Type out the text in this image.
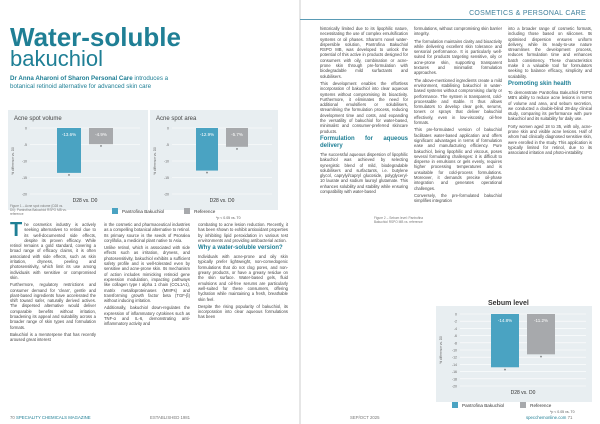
Water-soluble
bakuchiol
Dr Anna Aharoni of Sharon Personal Care introduces a botanical retinoid alternative for advanced skin care
Acne spot volume
0
-5
-10
-15
-20
% difference vs. D0
-13.6%
*
-4.9%
*
D28 vs. D0
Acne spot area
0
-5
-10
-15
-20
% difference vs. D0
-12.9%
*
-5.7%
*
D28 vs. D0
Figure 1 – Acne spot volume (D28 vs. D0): Pantrofina Bakuchiol RSPO MB vs. reference
Pantrofina Bakuchiol	Reference
*p < 0.05 vs. T0

The cosmetics industry is actively seeking alternatives to retinol due to its well-documented side effects, despite its proven efficacy. While retinol remains a gold standard, covering a broad range of efficacy claims, it is often associated with side effects, such as skin irritation, dryness, peeling and photosensitivity, which limit its use among individuals with sensitive or compromised skin.

Furthermore, regulatory restrictions and consumer demand for 'clean', gentle and plant-based ingredients have accelerated the shift toward safer, naturally derived actives. The dispersed alternative would deliver comparable benefits without irritation, broadening its appeal and suitability across a broader range of skin types and formulation formats.

Bakuchiol is a meroterpene that has recently aroused great interest

in the cosmetic and pharmaceutical industries as a compelling botanical alternative to retinol. Its primary source is the seeds of Psoralea corylifolia, a medicinal plant native to Asia.

Unlike retinol, which is associated with side effects such as irritation, dryness, and photosensitivity, bakuchiol exhibits a sufficient safety profile and is well-tolerated even by sensitive and acne-prone skin. Its mechanism of action includes mimicking retinoid gene expression modulation, impacting pathways like collagen type I alpha 1 chain (COL1A1), matrix metalloproteinases (MMPs) and transforming growth factor beta (TGF-β) without inducing irritation.

Additionally, bakuchiol down-regulates the expression of inflammatory cytokines such as TNF-α and IL-6, demonstrating anti-inflammatory activity and

combating to acne lesion reduction. Recently, it has been shown to exhibit antioxidant properties by inhibiting lipid peroxidation in various test environments and providing antibacterial action.

Why a water-soluble version?

Individuals with acne-prone and oily skin typically prefer lightweight, non-comedogenic formulations that do not clog pores, and non-greasy products, or have a greasy residue on the skin surface. Water-based gels, fluid emulsions and oil-free serums are particularly well-suited for these consumers, offering hydration while maintaining a fresh, breathable skin feel.

Despite the rising popularity of bakuchiol, its incorporation into clear aqueous formulations has been

70 SPECIALITY CHEMICALS MAGAZINE	ESTABLISHED 1981
COSMETICS & PERSONAL CARE

historically limited due to its lipophilic nature, necessitating the use of complex emulsification systems or oil phases. Sharon's novel water-dispersible solution, Pantrofina Bakuchiol RSPO MB, was developed to unlock the potential of this active in products designed for consumers with oily, combination or acne-prone skin through pre-formulation with biodegradable mild surfactants and solubilisers.

This development enables the effortless incorporation of bakuchiol into clear aqueous systems without compromising its bioactivity. Furthermore, it eliminates the need for additional emulsifiers or solubilisers, streamlining the formulation process, reducing development time and costs, and expanding the versatility of bakuchiol for water-based, minimalist and consumer-preferred skincare products.

Formulation for aqueous delivery

The successful aqueous dispersion of lipophilic bakuchiol was achieved by selecting synergistic blend of mild, biodegradable solubilisers and surfactants, i.e. butylene glycol, caprylyl/capryl glucoside, polyglyceryl-10 laurate and sodium lauroyl glutamate. This enhances solubility and stability while ensuring compatibility with water-based

formulations, without compromising skin barrier integrity.

The formulation maintains clarity and bioactivity while delivering excellent skin tolerance and sensorial performance. It is particularly well-suited for products targeting sensitive, oily or acne-prone skin, supporting transparent textures and minimalist formulation approaches.

The above-mentioned ingredients create a mild environment, stabilising bakuchiol in water-based systems without compromising clarity or performance. The system is transparent, cold-processable and stable. It thus allows formulators to develop clear gels, serums, toners or sprays that deliver bakuchiol effectively, even in low-viscosity, oil-free formats.

This pre-formulated version of bakuchiol facilitates water-based application and offers significant advantages in terms of formulation ease and manufacturing efficiency. Pure bakuchiol, being lipophilic and viscous, poses several formulating challenges: it is difficult to disperse in emulsions or gels evenly, requires higher processing temperatures and is unsuitable for cold-process formulations. Moreover, it demands precise oil-phase integration and generates operational challenges.

Conversely, the pre-formulated bakuchiol simplifies integration

into a broader range of cosmetic formats, including those based on silicones. Its optimised dispersion ensures uniform delivery, while its ready-to-use nature streamlines the development process, reduces formulation time and enhances batch consistency. These characteristics make it a valuable tool for formulators seeking to balance efficacy, simplicity and scalability.

Promoting skin health

To demonstrate Pantrofina Bakuchiol RSPO MB's ability to reduce acne lesions in terms of volume and area, and sebum secretion, we conducted a double-blind 28-day clinical study, comparing its performance with pure bakuchiol and its suitability for daily use.

Forty women aged 18 to 35, with oily, acne-prone skin and visible acne lesions. Half of whom had clinically diagnosed sensitive skin, were enrolled in the study. This application is typically limited for retinol, due to its associated irritation and photo-instability.

SEP/OCT 2025	specchemonline.com 71
Figure 2 – Sebum level: Pantrofina Bakuchiol RSPO MB vs. reference
0
-2
-4
-6
-8
-10
-12
-14
-16
-18
-20
% difference vs. D0
-14.8%
*
-11.2%
*
D28 vs. D0
Sebum level
Pantrofina Bakuchiol	Reference
*p < 0.05 vs. T0
